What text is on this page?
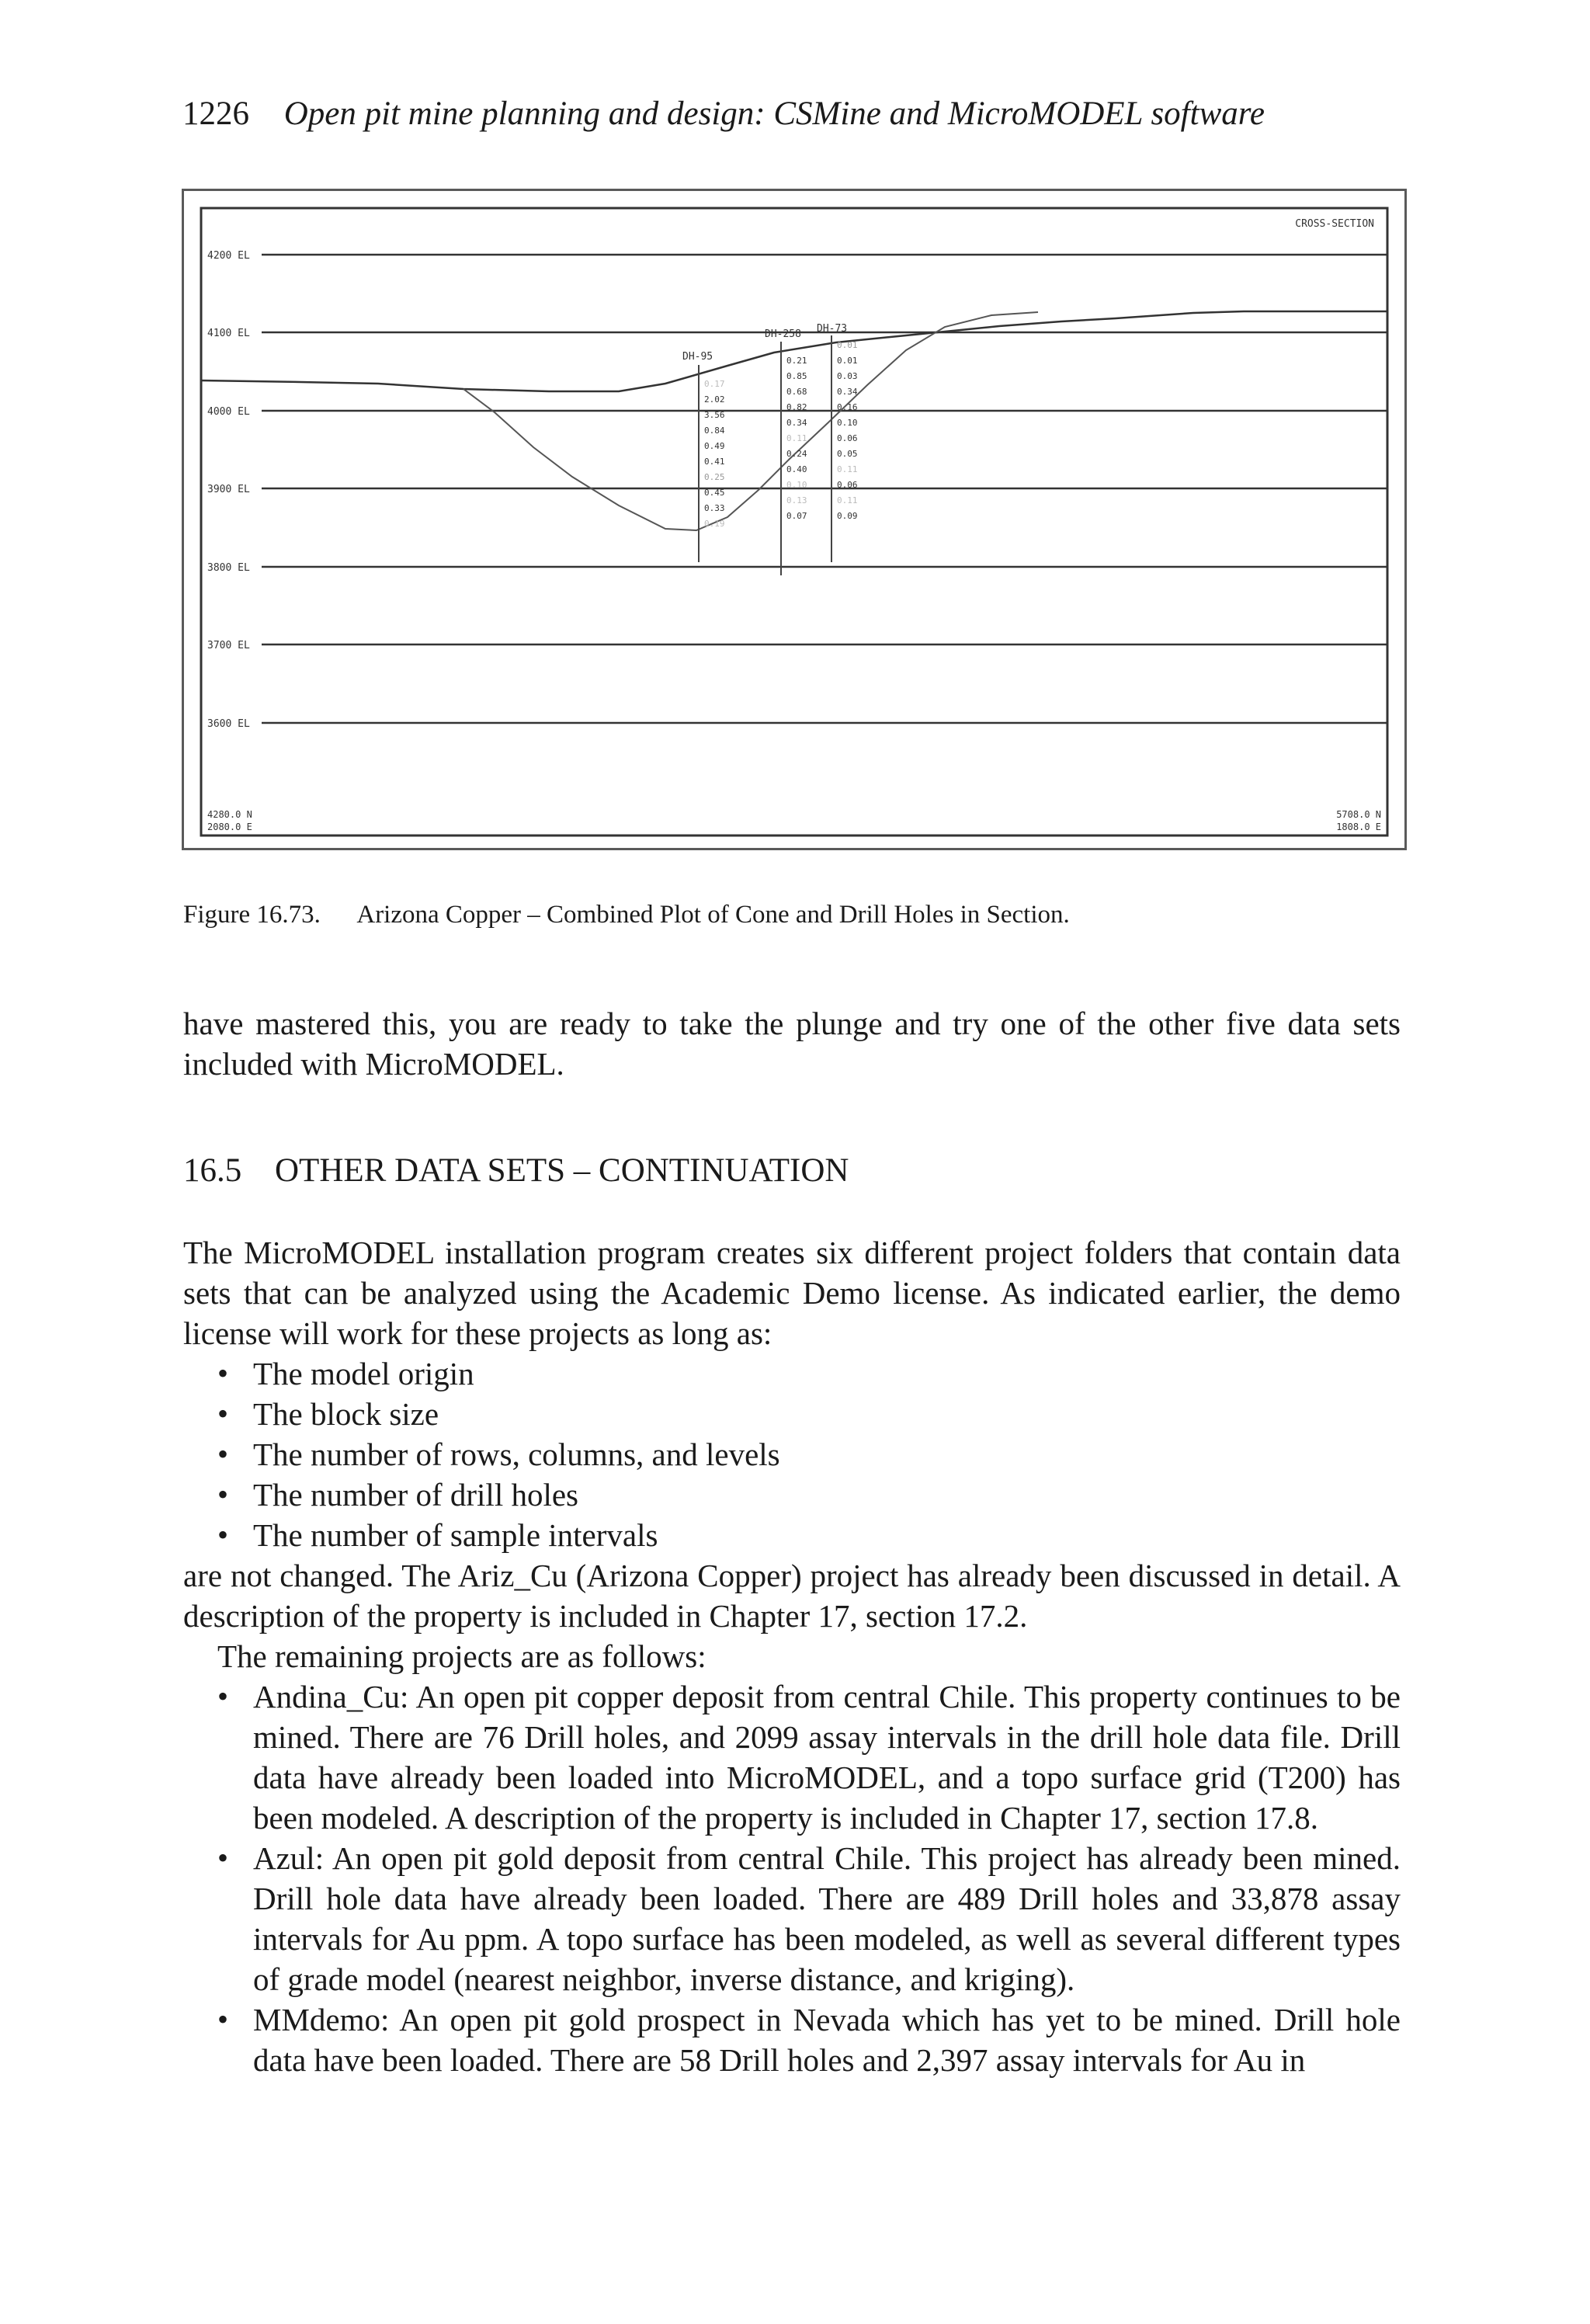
1226 Open pit mine planning and design: CSMine and MicroMODEL software
CROSS-SECTION
4200 EL
4100 EL
4000 EL
3900 EL
3800 EL
3700 EL
3600 EL
DH-95
DH-258 DH-73
0.17
2.02
3.56
0.84
0.49
0.41
0.25
0.45
0.33
0.19
0.21
0.85
0.68
0.82
0.34
0.11
0.24
0.40
0.10
0.13
0.07
0.01
0.01
0.03
0.34
0.16
0.10
0.06
0.05
0.11
0.06
0.11
0.09
4280.0 N
2080.0 E
5708.0 N
1808.0 E
Figure 16.73. Arizona Copper – Combined Plot of Cone and Drill Holes in Section.

have mastered this, you are ready to take the plunge and try one of the other five data sets included with MicroMODEL.

16.5 OTHER DATA SETS – CONTINUATION

The MicroMODEL installation program creates six different project folders that contain data sets that can be analyzed using the Academic Demo license. As indicated earlier, the demo license will work for these projects as long as:

• The model origin
• The block size
• The number of rows, columns, and levels
• The number of drill holes
• The number of sample intervals

are not changed. The Ariz_Cu (Arizona Copper) project has already been discussed in detail. A description of the property is included in Chapter 17, section 17.2.

The remaining projects are as follows:

• Andina_Cu: An open pit copper deposit from central Chile. This property continues to be mined. There are 76 Drill holes, and 2099 assay intervals in the drill hole data file. Drill data have already been loaded into MicroMODEL, and a topo surface grid (T200) has been modeled. A description of the property is included in Chapter 17, section 17.8.
• Azul: An open pit gold deposit from central Chile. This project has already been mined. Drill hole data have already been loaded. There are 489 Drill holes and 33,878 assay intervals for Au ppm. A topo surface has been modeled, as well as several different types of grade model (nearest neighbor, inverse distance, and kriging).
• MMdemo: An open pit gold prospect in Nevada which has yet to be mined. Drill hole data have been loaded. There are 58 Drill holes and 2,397 assay intervals for Au in
